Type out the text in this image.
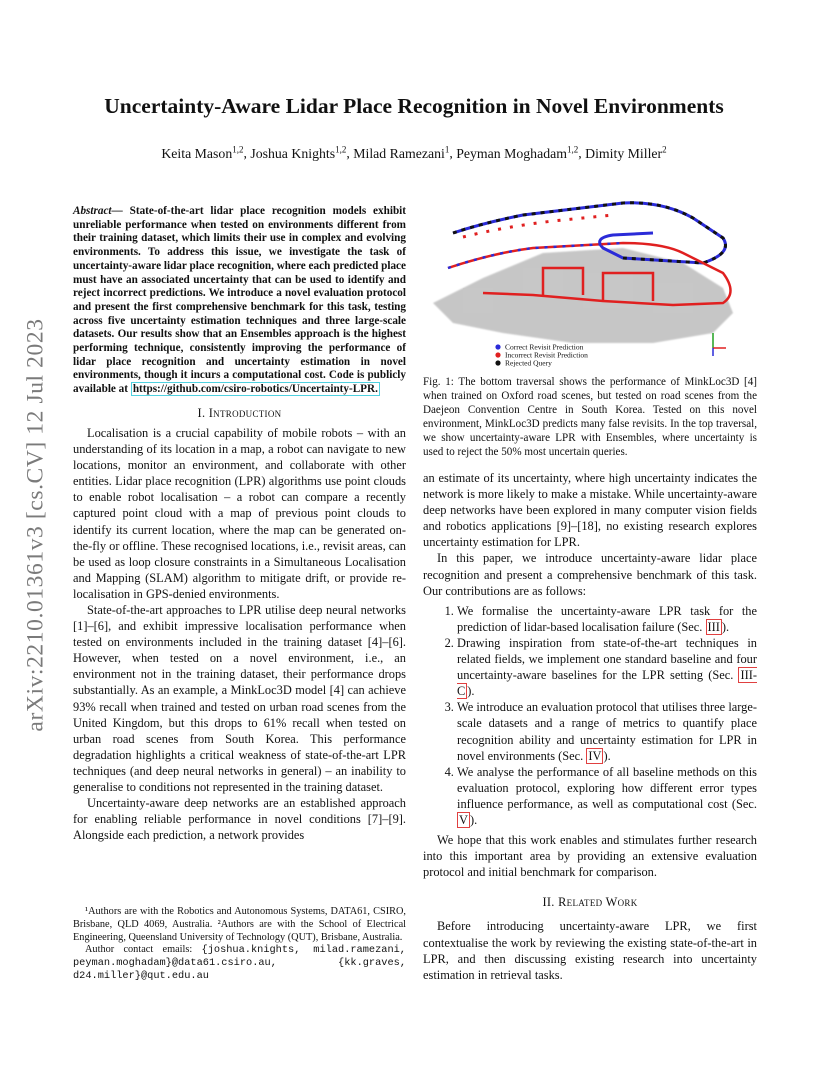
arXiv:2210.01361v3 [cs.CV] 12 Jul 2023
Uncertainty-Aware Lidar Place Recognition in Novel Environments
Keita Mason$^{1,2}$, Joshua Knights$^{1,2}$, Milad Ramezani$^1$, Peyman Moghadam$^{1,2}$, Dimity Miller$^2$

Abstract— State-of-the-art lidar place recognition models exhibit unreliable performance when tested on environments different from their training dataset, which limits their use in complex and evolving environments. To address this issue, we investigate the task of uncertainty-aware lidar place recognition, where each predicted place must have an associated uncertainty that can be used to identify and reject incorrect predictions. We introduce a novel evaluation protocol and present the first comprehensive benchmark for this task, testing across five uncertainty estimation techniques and three large-scale datasets. Our results show that an Ensembles approach is the highest performing technique, consistently improving the performance of lidar place recognition and uncertainty estimation in novel environments, though it incurs a computational cost. Code is publicly available at https://github.com/csiro-robotics/Uncertainty-LPR.

I. Introduction

Localisation is a crucial capability of mobile robots – with an understanding of its location in a map, a robot can navigate to new locations, monitor an environment, and collaborate with other entities. Lidar place recognition (LPR) algorithms use point clouds to enable robot localisation – a robot can compare a recently captured point cloud with a map of previous point clouds to identify its current location, where the map can be generated on-the-fly or offline. These recognised locations, i.e., revisit areas, can be used as loop closure constraints in a Simultaneous Localisation and Mapping (SLAM) algorithm to mitigate drift, or provide re-localisation in GPS-denied environments.

State-of-the-art approaches to LPR utilise deep neural networks [1]–[6], and exhibit impressive localisation performance when tested on environments included in the training dataset [4]–[6]. However, when tested on a novel environment, i.e., an environment not in the training dataset, their performance drops substantially. As an example, a MinkLoc3D model [4] can achieve 93% recall when trained and tested on urban road scenes from the United Kingdom, but this drops to 61% recall when tested on urban road scenes from South Korea. This performance degradation highlights a critical weakness of state-of-the-art LPR techniques (and deep neural networks in general) – an inability to generalise to conditions not represented in the training dataset.

Uncertainty-aware deep networks are an established approach for enabling reliable performance in novel conditions [7]–[9]. Alongside each prediction, a network provides

¹Authors are with the Robotics and Autonomous Systems, DATA61, CSIRO, Brisbane, QLD 4069, Australia. ²Authors are with the School of Electrical Engineering, Queensland University of Technology (QUT), Brisbane, Australia.

Author contact emails: {joshua.knights, milad.ramezani, peyman.moghadam}@data61.csiro.au, {kk.graves, d24.miller}@qut.edu.au

Correct Revisit Prediction
Incorrect Revisit Prediction
Rejected Query
Fig. 1: The bottom traversal shows the performance of MinkLoc3D [4] when trained on Oxford road scenes, but tested on road scenes from the Daejeon Convention Centre in South Korea. Tested on this novel environment, MinkLoc3D predicts many false revisits. In the top traversal, we show uncertainty-aware LPR with Ensembles, where uncertainty is used to reject the 50% most uncertain queries.

an estimate of its uncertainty, where high uncertainty indicates the network is more likely to make a mistake. While uncertainty-aware deep networks have been explored in many computer vision fields and robotics applications [9]–[18], no existing research explores uncertainty estimation for LPR.

In this paper, we introduce uncertainty-aware lidar place recognition and present a comprehensive benchmark of this task. Our contributions are as follows:

1. We formalise the uncertainty-aware LPR task for the prediction of lidar-based localisation failure (Sec. III ).
2. Drawing inspiration from state-of-the-art techniques in related fields, we implement one standard baseline and four uncertainty-aware baselines for the LPR setting (Sec. III-C ).
3. We introduce an evaluation protocol that utilises three large-scale datasets and a range of metrics to quantify place recognition ability and uncertainty estimation for LPR in novel environments (Sec. IV ).
4. We analyse the performance of all baseline methods on this evaluation protocol, exploring how different error types influence performance, as well as computational cost (Sec. V ).

We hope that this work enables and stimulates further research into this important area by providing an extensive evaluation protocol and initial benchmark for comparison.

II. Related Work

Before introducing uncertainty-aware LPR, we first contextualise the work by reviewing the existing state-of-the-art in LPR, and then discussing existing research into uncertainty estimation in retrieval tasks.
